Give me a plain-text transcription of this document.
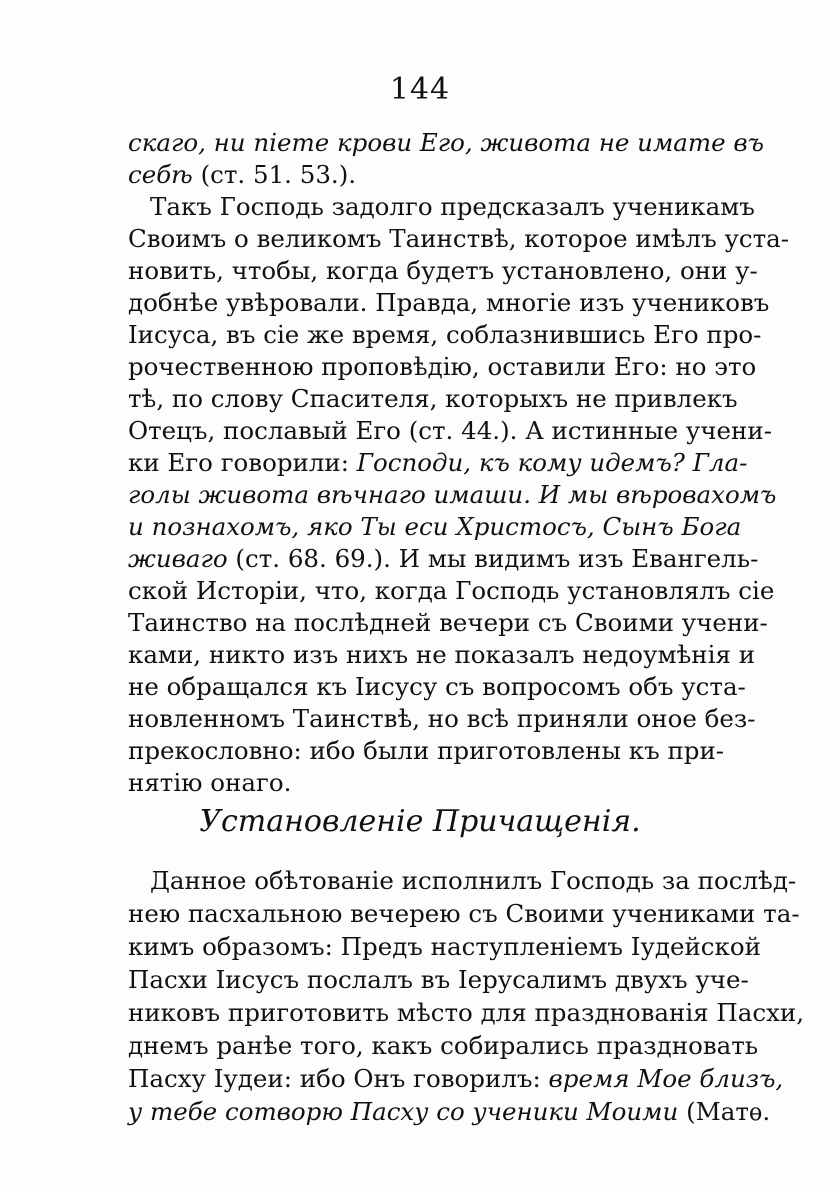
144
скаго, ни піете крови Его, живота не имате въ
себѣ (ст. 51. 53.).
Такъ Господь задолго предсказалъ ученикамъ
Своимъ о великомъ Таинствѣ, которое имѣлъ уста-
новить, чтобы, когда будетъ установлено, они у-
добнѣе увѣровали. Правда, многіе изъ учениковъ
Іисуса, въ сіе же время, соблазнившись Его про-
рочественною проповѣдію, оставили Его: но это
тѣ, по слову Спасителя, которыхъ не привлекъ
Отецъ, пославый Его (ст. 44.). А истинные учени-
ки Его говорили: Господи, къ кому идемъ? Гла-
голы живота вѣчнаго имаши. И мы вѣровахомъ
и познахомъ, яко Ты еси Христосъ, Сынъ Бога
живаго (ст. 68. 69.). И мы видимъ изъ Евангель-
ской Исторіи, что, когда Господь установлялъ сіе
Таинство на послѣдней вечери съ Своими учени-
ками, никто изъ нихъ не показалъ недоумѣнія и
не обращался къ Іисусу съ вопросомъ объ уста-
новленномъ Таинствѣ, но всѣ приняли оное без-
прекословно: ибо были приготовлены къ при-
нятію онаго.
Установленіе Причащенія.
Данное обѣтованіе исполнилъ Господь за послѣд-
нею пасхальною вечерею съ Своими учениками та-
кимъ образомъ: Предъ наступленіемъ Іудейской
Пасхи Іисусъ послалъ въ Іерусалимъ двухъ уче-
никовъ приготовить мѣсто для празднованія Пасхи,
днемъ ранѣе того, какъ собирались праздновать
Пасху Іудеи: ибо Онъ говорилъ: время Мое близъ,
у тебе сотворю Пасху со ученики Моими (Матѳ.
